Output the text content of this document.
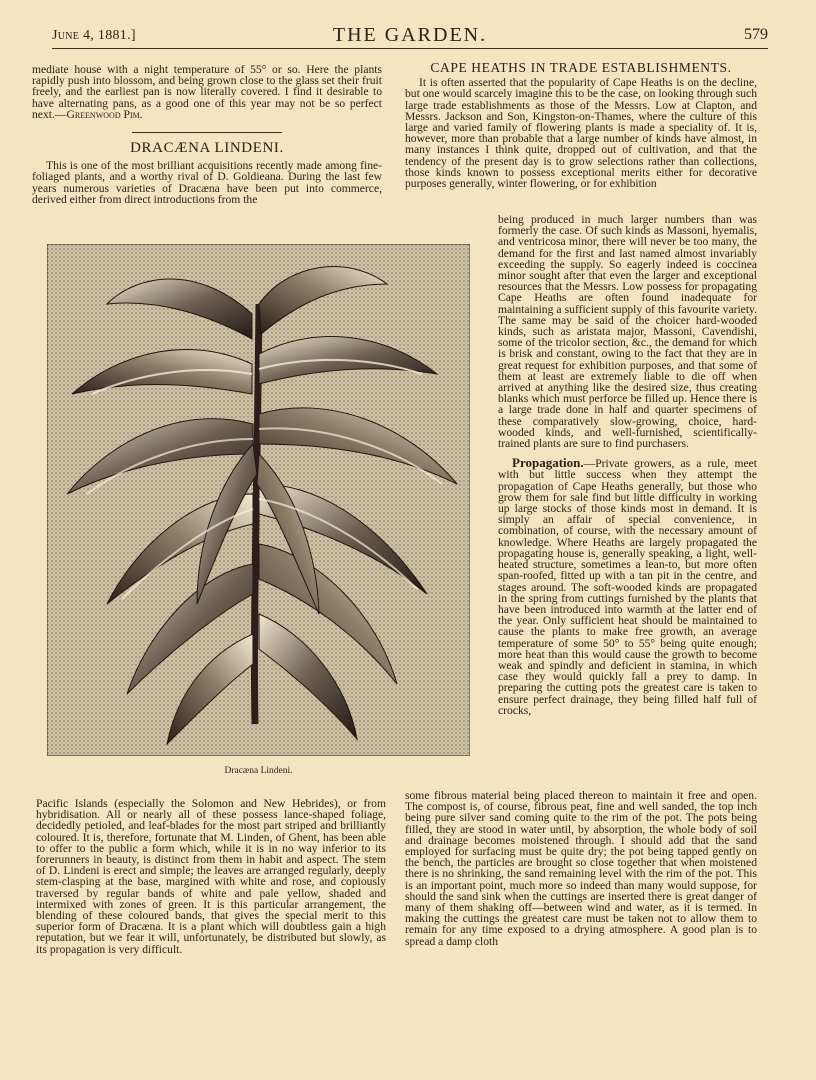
June 4, 1881.]	THE GARDEN.	579

mediate house with a night temperature of 55° or so. Here the plants rapidly push into blossom, and being grown close to the glass set their fruit freely, and the earliest pan is now literally covered. I find it desirable to have alternating pans, as a good one of this year may not be so perfect next.—Greenwood Pim.

DRACÆNA LINDENI.

This is one of the most brilliant acquisitions recently made among fine-foliaged plants, and a worthy rival of D. Goldieana. During the last few years numerous varieties of Dracæna have been put into commerce, derived either from direct introductions from the

Dracæna Lindeni.

Pacific Islands (especially the Solomon and New Hebrides), or from hybridisation. All or nearly all of these possess lance-shaped foliage, decidedly petioled, and leaf-blades for the most part striped and brilliantly coloured. It is, therefore, fortunate that M. Linden, of Ghent, has been able to offer to the public a form which, while it is in no way inferior to its forerunners in beauty, is distinct from them in habit and aspect. The stem of D. Lindeni is erect and simple; the leaves are arranged regularly, deeply stem-clasping at the base, margined with white and rose, and copiously traversed by regular bands of white and pale yellow, shaded and intermixed with zones of green. It is this particular arrangement, the blending of these coloured bands, that gives the special merit to this superior form of Dracæna. It is a plant which will doubtless gain a high reputation, but we fear it will, unfortunately, be distributed but slowly, as its propagation is very difficult.

CAPE HEATHS IN TRADE ESTABLISHMENTS.

It is often asserted that the popularity of Cape Heaths is on the decline, but one would scarcely imagine this to be the case, on looking through such large trade establishments as those of the Messrs. Low at Clapton, and Messrs. Jackson and Son, Kingston-on-Thames, where the culture of this large and varied family of flowering plants is made a speciality of. It is, however, more than probable that a large number of kinds have almost, in many instances I think quite, dropped out of cultivation, and that the tendency of the present day is to grow selections rather than collections, those kinds known to possess exceptional merits either for decorative purposes generally, winter flowering, or for exhibition

being produced in much larger numbers than was formerly the case. Of such kinds as Massoni, hyemalis, and ventricosa minor, there will never be too many, the demand for the first and last named almost invariably exceeding the supply. So eagerly indeed is coccinea minor sought after that even the larger and exceptional resources that the Messrs. Low possess for propagating Cape Heaths are often found inadequate for maintaining a sufficient supply of this favourite variety. The same may be said of the choicer hard-wooded kinds, such as aristata major, Massoni, Cavendishi, some of the tricolor section, &c., the demand for which is brisk and constant, owing to the fact that they are in great request for exhibition purposes, and that some of them at least are extremely liable to die off when arrived at anything like the desired size, thus creating blanks which must perforce be filled up. Hence there is a large trade done in half and quarter specimens of these comparatively slow-growing, choice, hard-wooded kinds, and well-furnished, scientifically-trained plants are sure to find purchasers.

Propagation.—Private growers, as a rule, meet with but little success when they attempt the propagation of Cape Heaths generally, but those who grow them for sale find but little difficulty in working up large stocks of those kinds most in demand. It is simply an affair of special convenience, in combination, of course, with the necessary amount of knowledge. Where Heaths are largely propagated the propagating house is, generally speaking, a light, well-heated structure, sometimes a lean-to, but more often span-roofed, fitted up with a tan pit in the centre, and stages around. The soft-wooded kinds are propagated in the spring from cuttings furnished by the plants that have been introduced into warmth at the latter end of the year. Only sufficient heat should be maintained to cause the plants to make free growth, an average temperature of some 50° to 55° being quite enough; more heat than this would cause the growth to become weak and spindly and deficient in stamina, in which case they would quickly fall a prey to damp. In preparing the cutting pots the greatest care is taken to ensure perfect drainage, they being filled half full of crocks,

some fibrous material being placed thereon to maintain it free and open. The compost is, of course, fibrous peat, fine and well sanded, the top inch being pure silver sand coming quite to the rim of the pot. The pots being filled, they are stood in water until, by absorption, the whole body of soil and drainage becomes moistened through. I should add that the sand employed for surfacing must be quite dry; the pot being tapped gently on the bench, the particles are brought so close together that when moistened there is no shrinking, the sand remaining level with the rim of the pot. This is an important point, much more so indeed than many would suppose, for should the sand sink when the cuttings are inserted there is great danger of many of them shaking off—between wind and water, as it is termed. In making the cuttings the greatest care must be taken not to allow them to remain for any time exposed to a drying atmosphere. A good plan is to spread a damp cloth
